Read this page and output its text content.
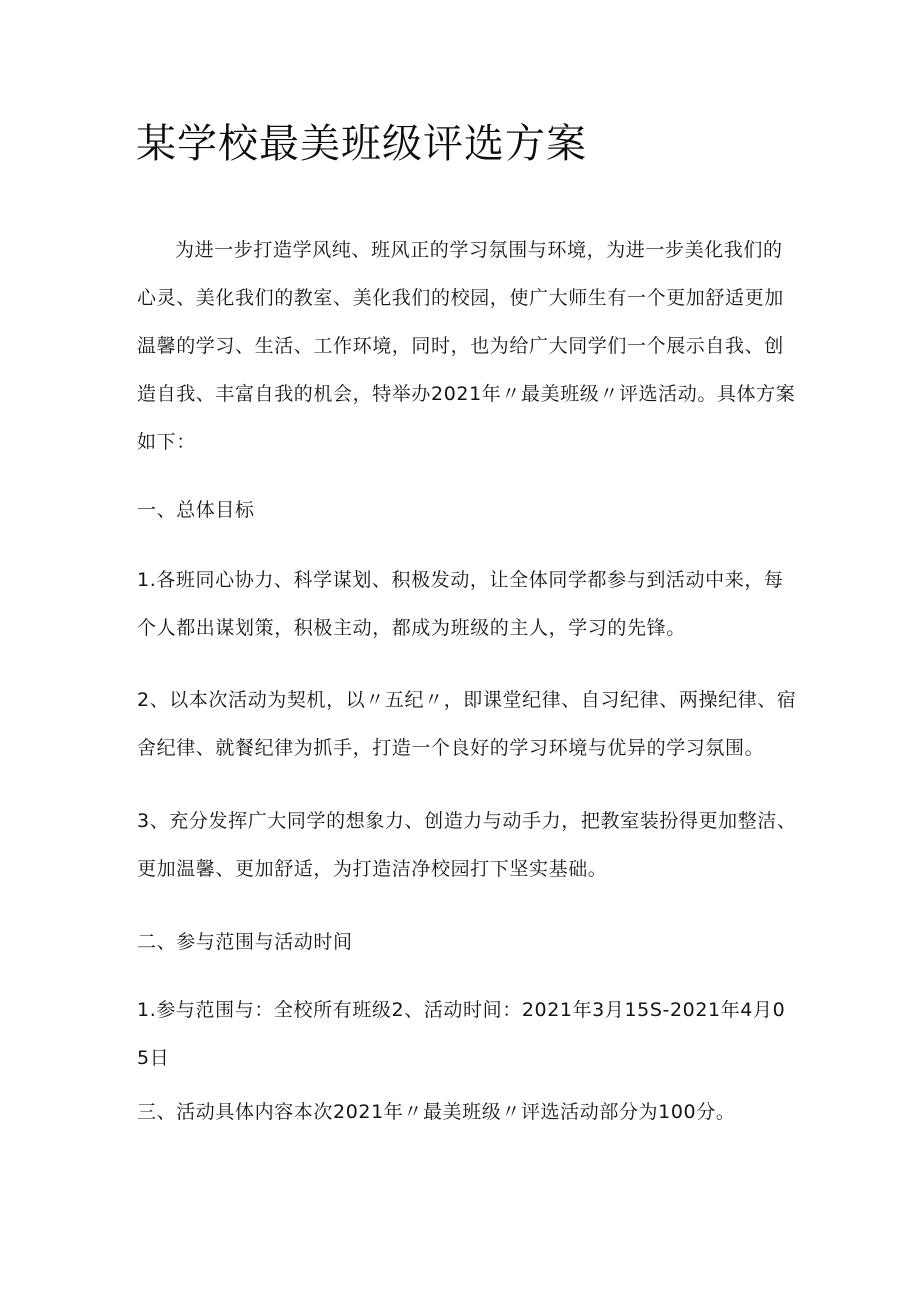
某学校最美班级评选方案

为进一步打造学风纯、班风正的学习氛围与环境，为进一步美化我们的心灵、美化我们的教室、美化我们的校园，使广大师生有一个更加舒适更加温馨的学习、生活、工作环境，同时，也为给广大同学们一个展示自我、创造自我、丰富自我的机会，特举办2021年〃最美班级〃评选活动。具体方案如下：

一、总体目标

1.各班同心协力、科学谋划、积极发动，让全体同学都参与到活动中来，每个人都出谋划策，积极主动，都成为班级的主人，学习的先锋。

2、以本次活动为契机，以〃五纪〃，即课堂纪律、自习纪律、两操纪律、宿舍纪律、就餐纪律为抓手，打造一个良好的学习环境与优异的学习氛围。

3、充分发挥广大同学的想象力、创造力与动手力，把教室装扮得更加整洁、更加温馨、更加舒适，为打造洁净校园打下坚实基础。

二、参与范围与活动时间

1.参与范围与：全校所有班级2、活动时间：2021年3月15S-2021年4月05日

三、活动具体内容本次2021年〃最美班级〃评选活动部分为100分。
